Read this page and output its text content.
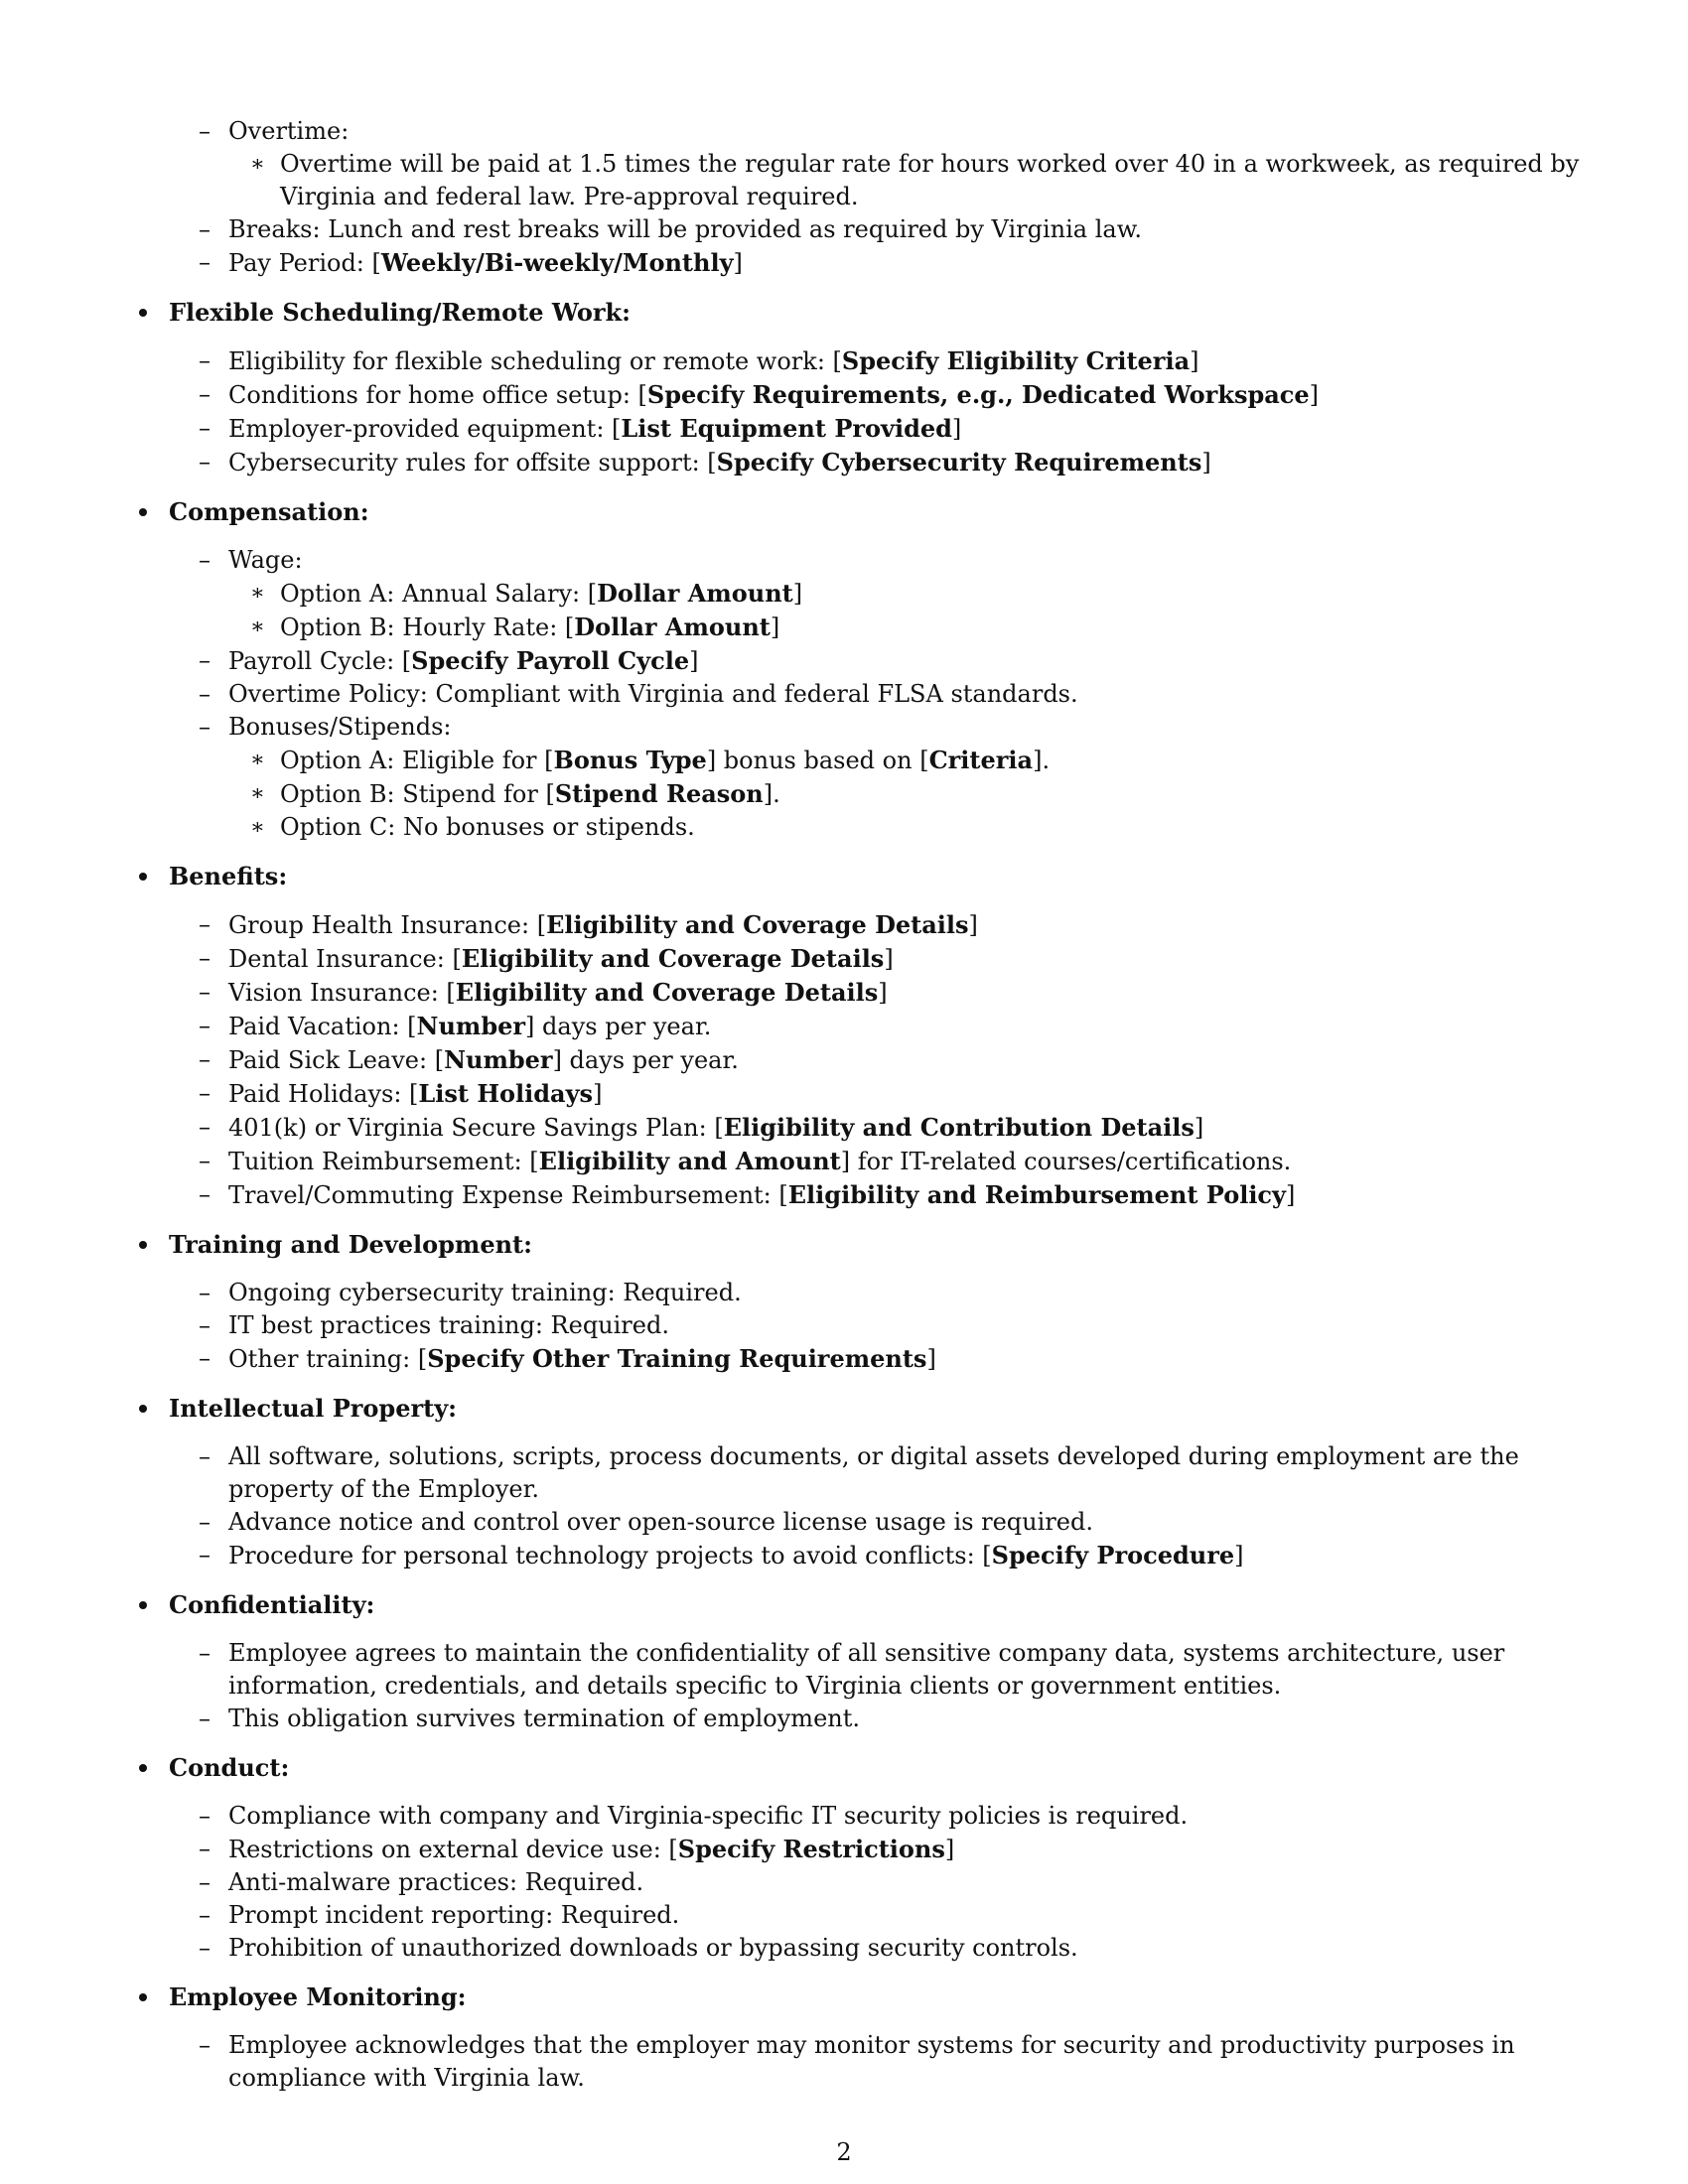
– Overtime:
∗ Overtime will be paid at 1.5 times the regular rate for hours worked over 40 in a workweek, as required by Virginia and federal law. Pre-approval required.
– Breaks: Lunch and rest breaks will be provided as required by Virginia law.
– Pay Period: [Weekly/Bi-weekly/Monthly]
Flexible Scheduling/Remote Work:
– Eligibility for flexible scheduling or remote work: [Specify Eligibility Criteria]
– Conditions for home office setup: [Specify Requirements, e.g., Dedicated Workspace]
– Employer-provided equipment: [List Equipment Provided]
– Cybersecurity rules for offsite support: [Specify Cybersecurity Requirements]
Compensation:
– Wage:
∗ Option A: Annual Salary: [Dollar Amount]
∗ Option B: Hourly Rate: [Dollar Amount]
– Payroll Cycle: [Specify Payroll Cycle]
– Overtime Policy: Compliant with Virginia and federal FLSA standards.
– Bonuses/Stipends:
∗ Option A: Eligible for [Bonus Type] bonus based on [Criteria].
∗ Option B: Stipend for [Stipend Reason].
∗ Option C: No bonuses or stipends.
Benefits:
– Group Health Insurance: [Eligibility and Coverage Details]
– Dental Insurance: [Eligibility and Coverage Details]
– Vision Insurance: [Eligibility and Coverage Details]
– Paid Vacation: [Number] days per year.
– Paid Sick Leave: [Number] days per year.
– Paid Holidays: [List Holidays]
– 401(k) or Virginia Secure Savings Plan: [Eligibility and Contribution Details]
– Tuition Reimbursement: [Eligibility and Amount] for IT-related courses/certifications.
– Travel/Commuting Expense Reimbursement: [Eligibility and Reimbursement Policy]
Training and Development:
– Ongoing cybersecurity training: Required.
– IT best practices training: Required.
– Other training: [Specify Other Training Requirements]
Intellectual Property:
– All software, solutions, scripts, process documents, or digital assets developed during employment are the property of the Employer.
– Advance notice and control over open-source license usage is required.
– Procedure for personal technology projects to avoid conflicts: [Specify Procedure]
Confidentiality:
– Employee agrees to maintain the confidentiality of all sensitive company data, systems architecture, user information, credentials, and details specific to Virginia clients or government entities.
– This obligation survives termination of employment.
Conduct:
– Compliance with company and Virginia-specific IT security policies is required.
– Restrictions on external device use: [Specify Restrictions]
– Anti-malware practices: Required.
– Prompt incident reporting: Required.
– Prohibition of unauthorized downloads or bypassing security controls.
Employee Monitoring:
– Employee acknowledges that the employer may monitor systems for security and productivity purposes in compliance with Virginia law.
2
